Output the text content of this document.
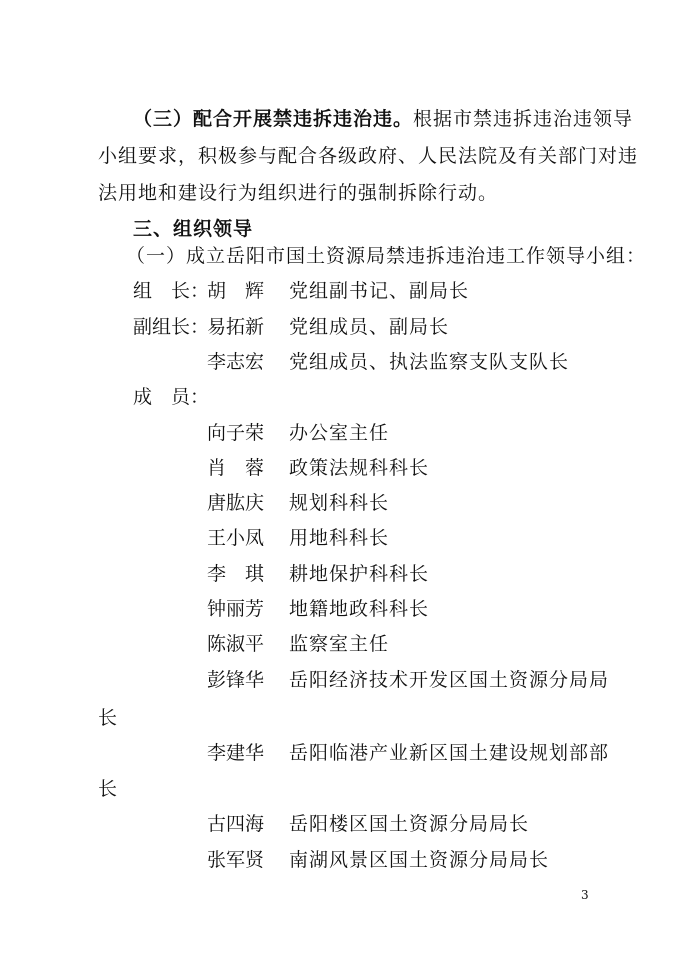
（三）配合开展禁违拆违治违。根据市禁违拆违治违领导
小组要求，积极参与配合各级政府、人民法院及有关部门对违
法用地和建设行为组织进行的强制拆除行动。
三、组织领导
（一）成立岳阳市国土资源局禁违拆违治违工作领导小组：
组　长：
胡　辉 党组副书记、副局长
副组长：
易拓新 党组成员、副局长
李志宏 党组成员、执法监察支队支队长
成　员：
向子荣 办公室主任
肖　蓉 政策法规科科长
唐肱庆 规划科科长
王小凤 用地科科长
李　琪 耕地保护科科长
钟丽芳 地籍地政科科长
陈淑平 监察室主任
彭锋华 岳阳经济技术开发区国土资源分局局
长
李建华 岳阳临港产业新区国土建设规划部部
长
古四海 岳阳楼区国土资源分局局长
张军贤 南湖风景区国土资源分局局长
3
